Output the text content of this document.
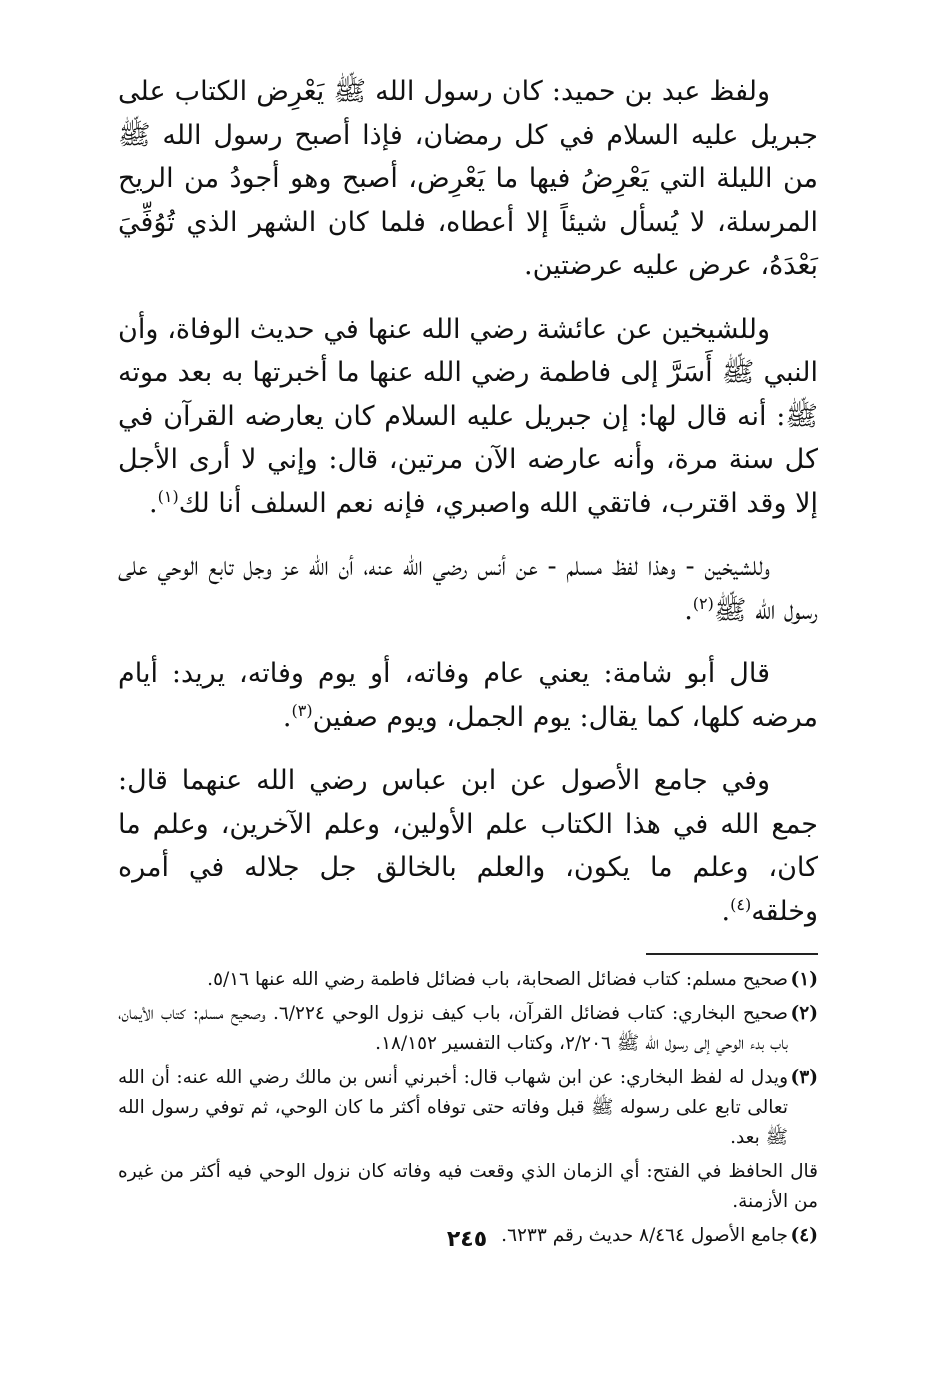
ولفظ عبد بن حميد: كان رسول الله ﷺ يَعْرِض الكتاب على جبريل عليه السلام في كل رمضان، فإذا أصبح رسول الله ﷺ من الليلة التي يَعْرِضُ فيها ما يَعْرِض، أصبح وهو أجودُ من الريح المرسلة، لا يُسأل شيئاً إلا أعطاه، فلما كان الشهر الذي تُوُفِّيَ بَعْدَهُ، عرض عليه عرضتين.

وللشيخين عن عائشة رضي الله عنها في حديث الوفاة، وأن النبي ﷺ أَسَرَّ إلى فاطمة رضي الله عنها ما أخبرتها به بعد موته ﷺ: أنه قال لها: إن جبريل عليه السلام كان يعارضه القرآن في كل سنة مرة، وأنه عارضه الآن مرتين، قال: وإني لا أرى الأجل إلا وقد اقترب، فاتقي الله واصبري، فإنه نعم السلف أنا لك$^{(١)}$.

وللشيخين - وهذا لفظ مسلم - عن أنس رضي الله عنه، أن الله عز وجل تابع الوحي على رسول الله ﷺ$^{(٢)}$.

قال أبو شامة: يعني عام وفاته، أو يوم وفاته، يريد: أيام مرضه كلها، كما يقال: يوم الجمل، ويوم صفين$^{(٣)}$.

وفي جامع الأصول عن ابن عباس رضي الله عنهما قال: جمع الله في هذا الكتاب علم الأولين، وعلم الآخرين، وعلم ما كان، وعلم ما يكون، والعلم بالخالق جل جلاله في أمره وخلقه$^{(٤)}$.

(١)
صحيح مسلم: كتاب فضائل الصحابة، باب فضائل فاطمة رضي الله عنها ٥/١٦.
(٢)
صحيح البخاري: كتاب فضائل القرآن، باب كيف نزول الوحي ٦/٢٢٤. وصحيح مسلم: كتاب الأيمان، باب بدء الوحي إلى رسول الله ﷺ ٢/٢٠٦، وكتاب التفسير ١٨/١٥٢.
(٣)
ويدل له لفظ البخاري: عن ابن شهاب قال: أخبرني أنس بن مالك رضي الله عنه: أن الله تعالى تابع على رسوله ﷺ قبل وفاته حتى توفاه أكثر ما كان الوحي، ثم توفي رسول الله ﷺ بعد.
قال الحافظ في الفتح: أي الزمان الذي وقعت فيه وفاته كان نزول الوحي فيه أكثر من غيره من الأزمنة.
(٤)
جامع الأصول ٨/٤٦٤ حديث رقم ٦٢٣٣.
٢٤٥
